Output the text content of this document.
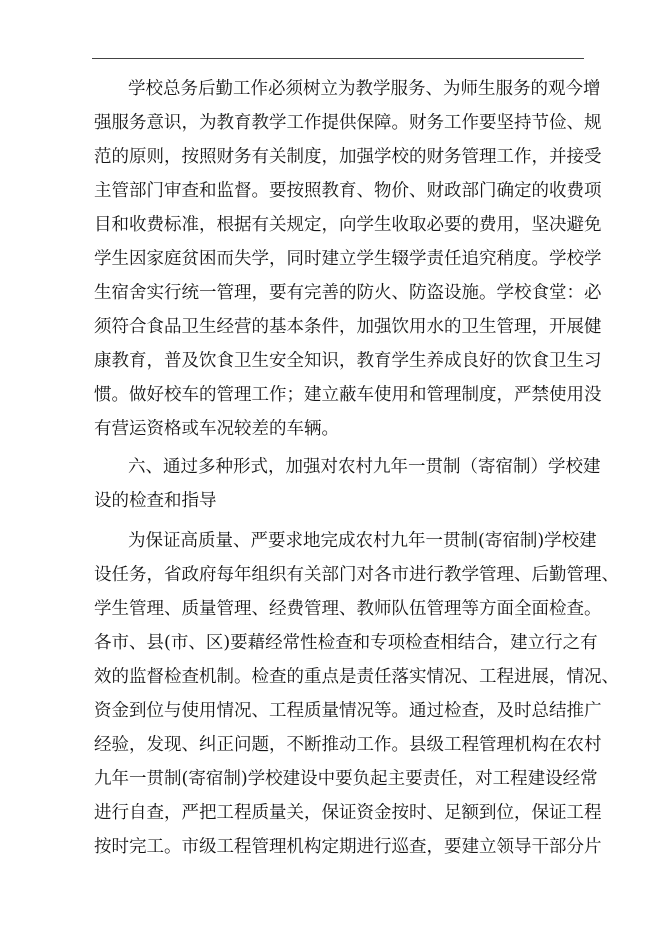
学校总务后勤工作必须树立为教学服务、为师生服务的观今增
强服务意识，为教育教学工作提供保障。财务工作要坚持节俭、规
范的原则，按照财务有关制度，加强学校的财务管理工作，并接受
主管部门审查和监督。要按照教育、物价、财政部门确定的收费项
目和收费标准，根据有关规定，向学生收取必要的费用，坚决避免
学生因家庭贫困而失学，同时建立学生辍学责任追究稍度。学校学
生宿舍实行统一管理，要有完善的防火、防盗设施。学校食堂：必
须符合食品卫生经营的基本条件，加强饮用水的卫生管理，开展健
康教育，普及饮食卫生安全知识，教育学生养成良好的饮食卫生习
惯。做好校车的管理工作；建立蔽车使用和管理制度，严禁使用没
有营运资格或车况较差的车辆。
六、通过多种形式，加强对农村九年一贯制（寄宿制）学校建
设的检查和指导
为保证高质量、严要求地完成农村九年一贯制(寄宿制)学校建
设任务，省政府每年组织有关部门对各市进行教学管理、后勤管理、
学生管理、质量管理、经费管理、教师队伍管理等方面全面检查。
各市、县(市、区)要藉经常性检查和专项检查相结合，建立行之有
效的监督检查机制。检查的重点是责任落实情况、工程进展，情况、
资金到位与使用情况、工程质量情况等。通过检查，及时总结推广
经验，发现、纠正问题，不断推动工作。县级工程管理机构在农村
九年一贯制(寄宿制)学校建设中要负起主要责任，对工程建设经常
进行自查，严把工程质量关，保证资金按时、足额到位，保证工程
按时完工。市级工程管理机构定期进行巡查，要建立领导干部分片
